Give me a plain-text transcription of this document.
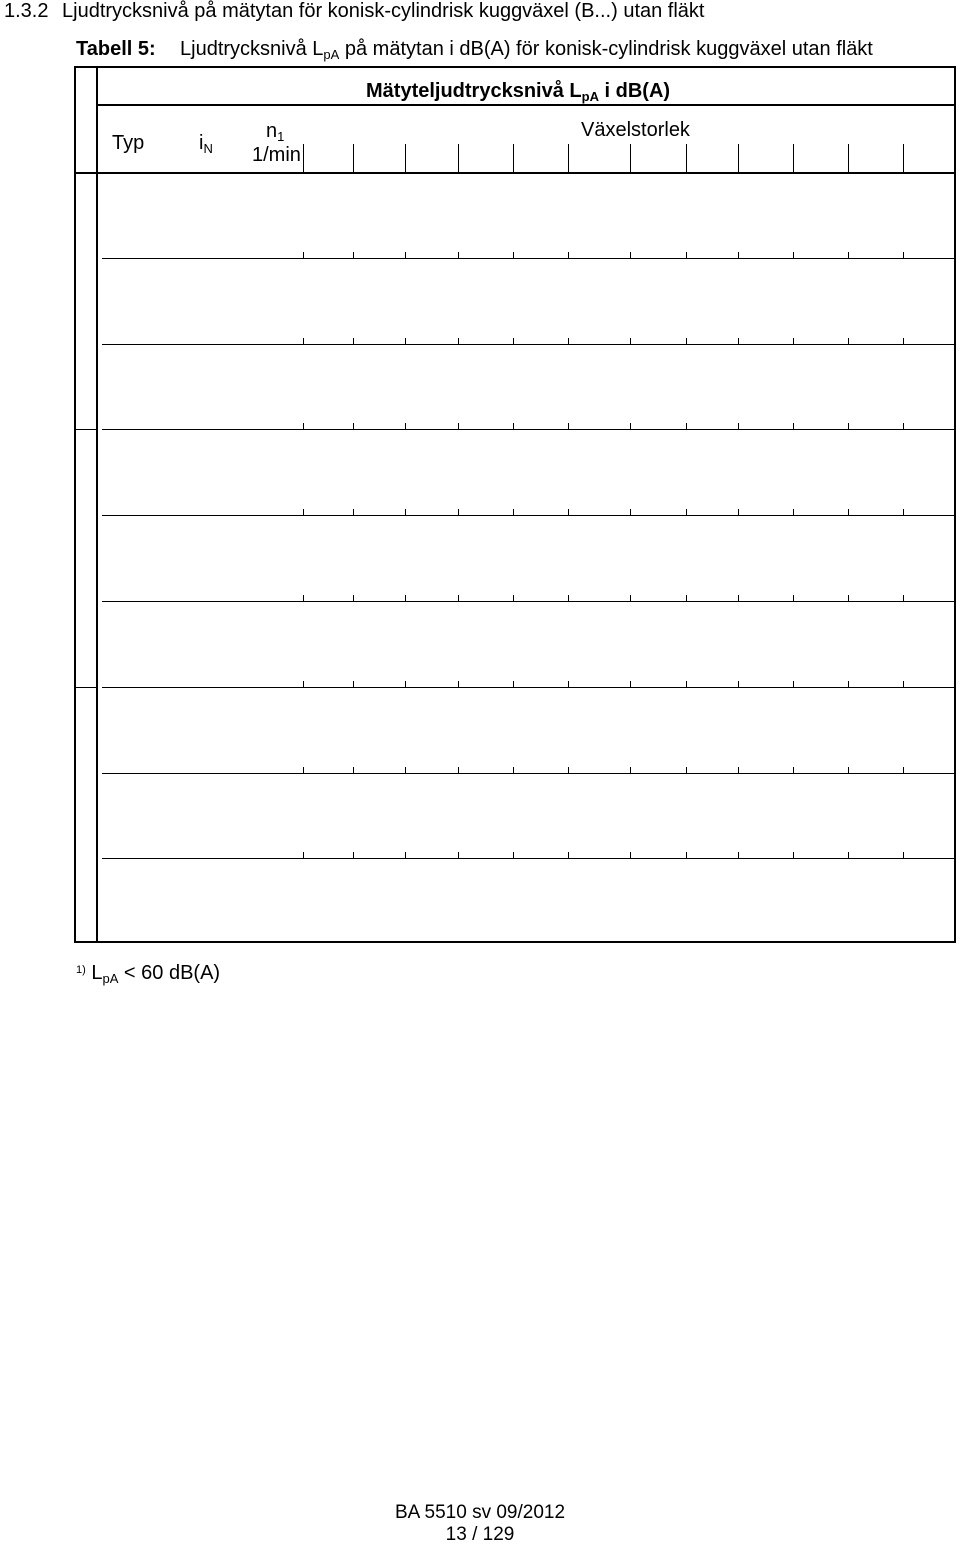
1.3.2 Ljudtrycksnivå på mätytan för konisk-cylindrisk kuggväxel (B...) utan fläkt
Tabell 5: Ljudtrycksnivå $L_{pA}$ på mätytan i dB(A) för konisk-cylindrisk kuggväxel utan fläkt
Mätyteljudtrycksnivå $L_{pA}$ i dB(A)
Typ	$i_N$
$n_1$
1/min
Växelstorlek
$^{1)}$ $L_{pA} < 60$ dB(A)
BA 5510 sv 09/2012
13 / 129
